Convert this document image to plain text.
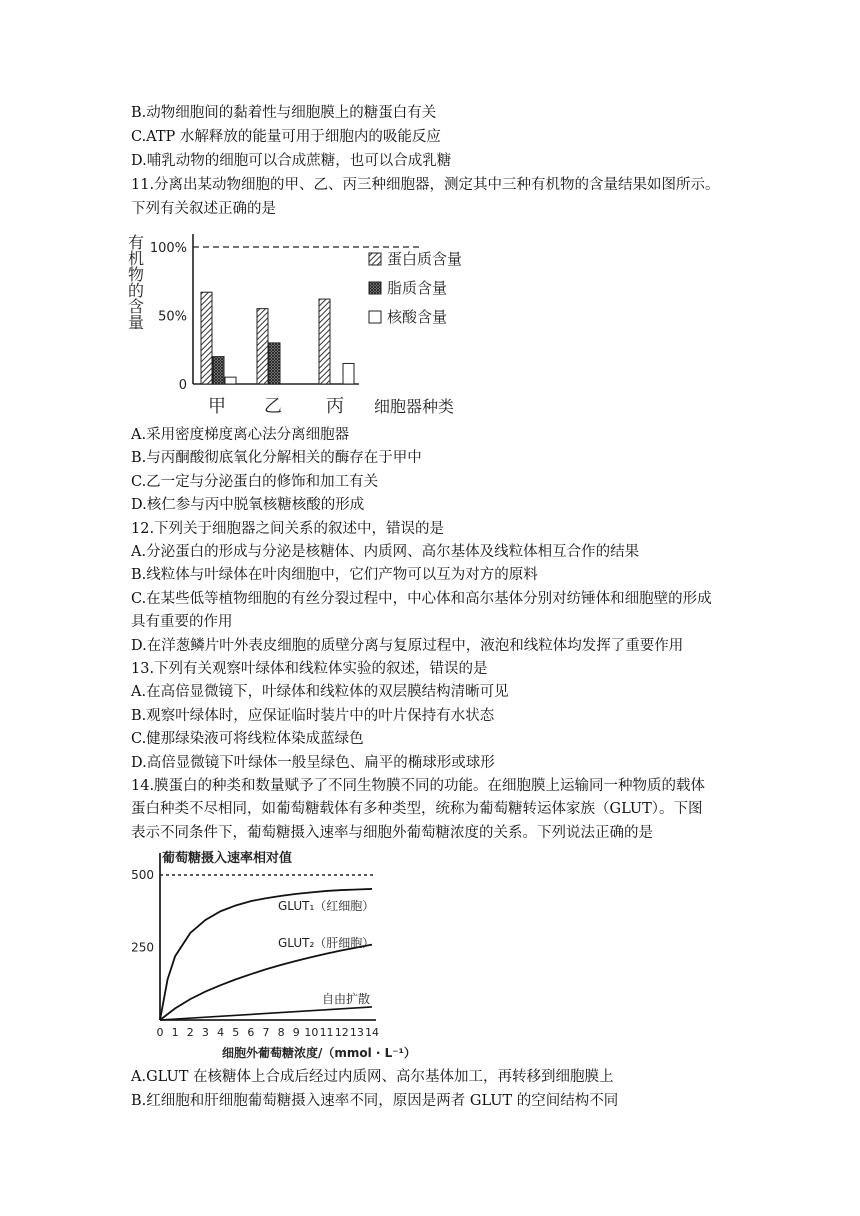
B.动物细胞间的黏着性与细胞膜上的糖蛋白有关
C.ATP 水解释放的能量可用于细胞内的吸能反应
D.哺乳动物的细胞可以合成蔗糖，也可以合成乳糖
11.分离出某动物细胞的甲、乙、丙三种细胞器，测定其中三种有机物的含量结果如图所示。
下列有关叙述正确的是
有机物的含量
0
50%
100%
甲 乙 丙 细胞器种类
蛋白质含量
脂质含量
核酸含量
A.采用密度梯度离心法分离细胞器
B.与丙酮酸彻底氧化分解相关的酶存在于甲中
C.乙一定与分泌蛋白的修饰和加工有关
D.核仁参与丙中脱氧核糖核酸的形成
12.下列关于细胞器之间关系的叙述中，错误的是
A.分泌蛋白的形成与分泌是核糖体、内质网、高尔基体及线粒体相互合作的结果
B.线粒体与叶绿体在叶肉细胞中，它们产物可以互为对方的原料
C.在某些低等植物细胞的有丝分裂过程中，中心体和高尔基体分别对纺锤体和细胞壁的形成
具有重要的作用
D.在洋葱鳞片叶外表皮细胞的质壁分离与复原过程中，液泡和线粒体均发挥了重要作用
13.下列有关观察叶绿体和线粒体实验的叙述，错误的是
A.在高倍显微镜下，叶绿体和线粒体的双层膜结构清晰可见
B.观察叶绿体时，应保证临时装片中的叶片保持有水状态
C.健那绿染液可将线粒体染成蓝绿色
D.高倍显微镜下叶绿体一般呈绿色、扁平的椭球形或球形
14.膜蛋白的种类和数量赋予了不同生物膜不同的功能。在细胞膜上运输同一种物质的载体
蛋白种类不尽相同，如葡萄糖载体有多种类型，统称为葡萄糖转运体家族（GLUT）。下图
表示不同条件下，葡萄糖摄入速率与细胞外葡萄糖浓度的关系。下列说法正确的是
葡萄糖摄入速率相对值
0 1 2 3 4 5 6 7 8 9 10 11 12 13 14
250
500
GLUT₁（红细胞）
GLUT₂（肝细胞）
自由扩散
细胞外葡萄糖浓度/（mmol · L⁻¹）
A.GLUT 在核糖体上合成后经过内质网、高尔基体加工，再转移到细胞膜上
B.红细胞和肝细胞葡萄糖摄入速率不同，原因是两者 GLUT 的空间结构不同
